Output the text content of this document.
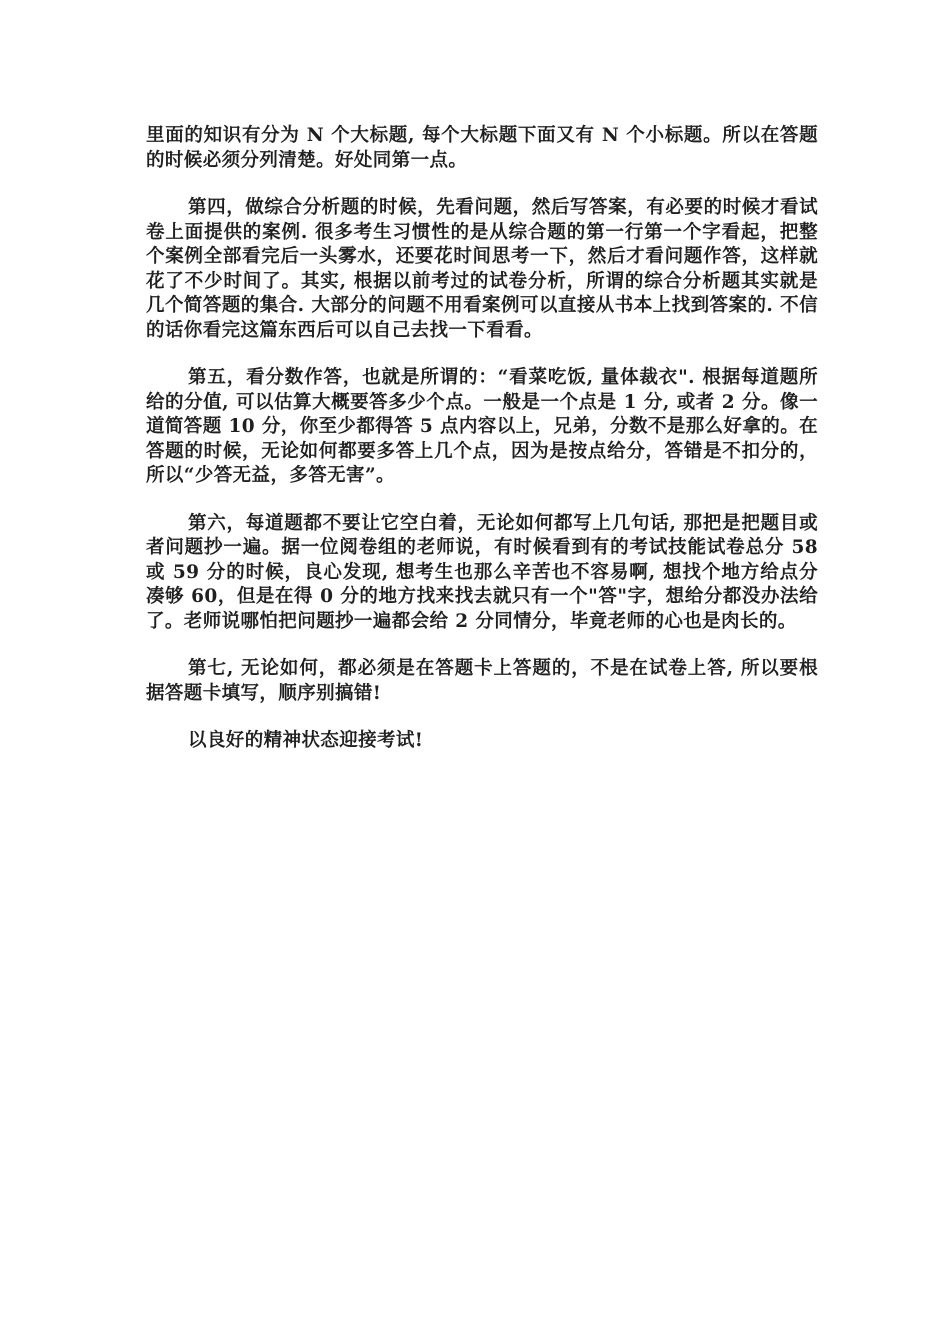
里面的知识有分为 N 个大标题, 每个大标题下面又有 N 个小标题。所以在答题的时候必须分列清楚。好处同第一点。

第四，做综合分析题的时候，先看问题，然后写答案，有必要的时候才看试卷上面提供的案例. 很多考生习惯性的是从综合题的第一行第一个字看起，把整个案例全部看完后一头雾水，还要花时间思考一下，然后才看问题作答，这样就花了不少时间了。其实, 根据以前考过的试卷分析，所谓的综合分析题其实就是几个简答题的集合. 大部分的问题不用看案例可以直接从书本上找到答案的. 不信的话你看完这篇东西后可以自己去找一下看看。

第五，看分数作答，也就是所谓的：“看菜吃饭, 量体裁衣". 根据每道题所给的分值, 可以估算大概要答多少个点。一般是一个点是 1 分, 或者 2 分。像一道简答题 10 分，你至少都得答 5 点内容以上，兄弟，分数不是那么好拿的。在答题的时候，无论如何都要多答上几个点，因为是按点给分，答错是不扣分的，所以“少答无益，多答无害”。

第六，每道题都不要让它空白着，无论如何都写上几句话, 那把是把题目或者问题抄一遍。据一位阅卷组的老师说，有时候看到有的考试技能试卷总分 58 或 59 分的时候，良心发现, 想考生也那么辛苦也不容易啊, 想找个地方给点分凑够 60，但是在得 0 分的地方找来找去就只有一个"答"字，想给分都没办法给了。老师说哪怕把问题抄一遍都会给 2 分同情分，毕竟老师的心也是肉长的。

第七, 无论如何，都必须是在答题卡上答题的，不是在试卷上答, 所以要根据答题卡填写，顺序别搞错!

以良好的精神状态迎接考试!
